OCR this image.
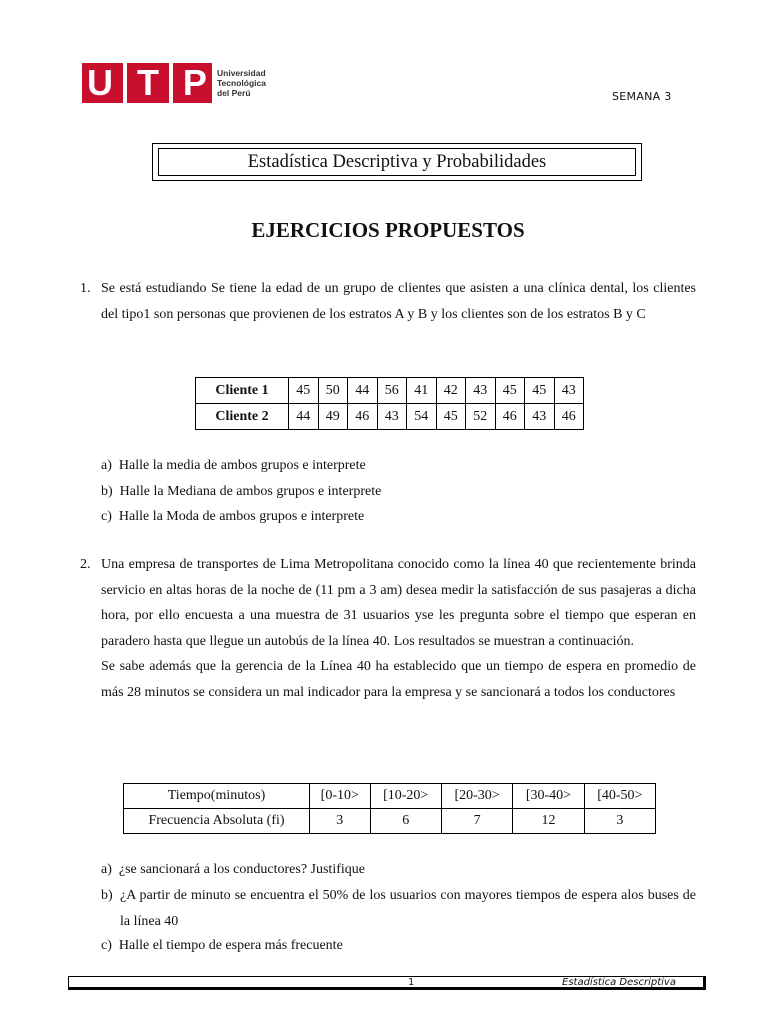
U T P Universidad
Tecnológica
del Perú	SEMANA 3
Estadística Descriptiva y Probabilidades
EJERCICIOS PROPUESTOS
1. Se está estudiando Se tiene la edad de un grupo de clientes que asisten a una clínica dental, los clientes del tipo1 son personas que provienen de los estratos A y B y los clientes son de los estratos B y C
Cliente 1	45	50	44	56	41	42	43	45	45	43
Cliente 2	44	49	46	43	54	45	52	46	43	46
a) Halle la media de ambos grupos e interprete
b) Halle la Mediana de ambos grupos e interprete
c) Halle la Moda de ambos grupos e interprete
2. Una empresa de transportes de Lima Metropolitana conocido como la línea 40 que recientemente brinda servicio en altas horas de la noche de (11 pm a 3 am) desea medir la satisfacción de sus pasajeras a dicha hora, por ello encuesta a una muestra de 31 usuarios yse les pregunta sobre el tiempo que esperan en paradero hasta que llegue un autobús de la línea 40. Los resultados se muestran a continuación.
Se sabe además que la gerencia de la Línea 40 ha establecido que un tiempo de espera en promedio de más 28 minutos se considera un mal indicador para la empresa y se sancionará a todos los conductores
Tiempo(minutos)	[0-10>	[10-20>	[20-30>	[30-40>	[40-50>
Frecuencia Absoluta (fi)	3	6	7	12	3
a) ¿se sancionará a los conductores? Justifique
b) ¿A partir de minuto se encuentra el 50% de los usuarios con mayores tiempos de espera alos buses de la línea 40
c) Halle el tiempo de espera más frecuente
1	Estadística Descriptiva
